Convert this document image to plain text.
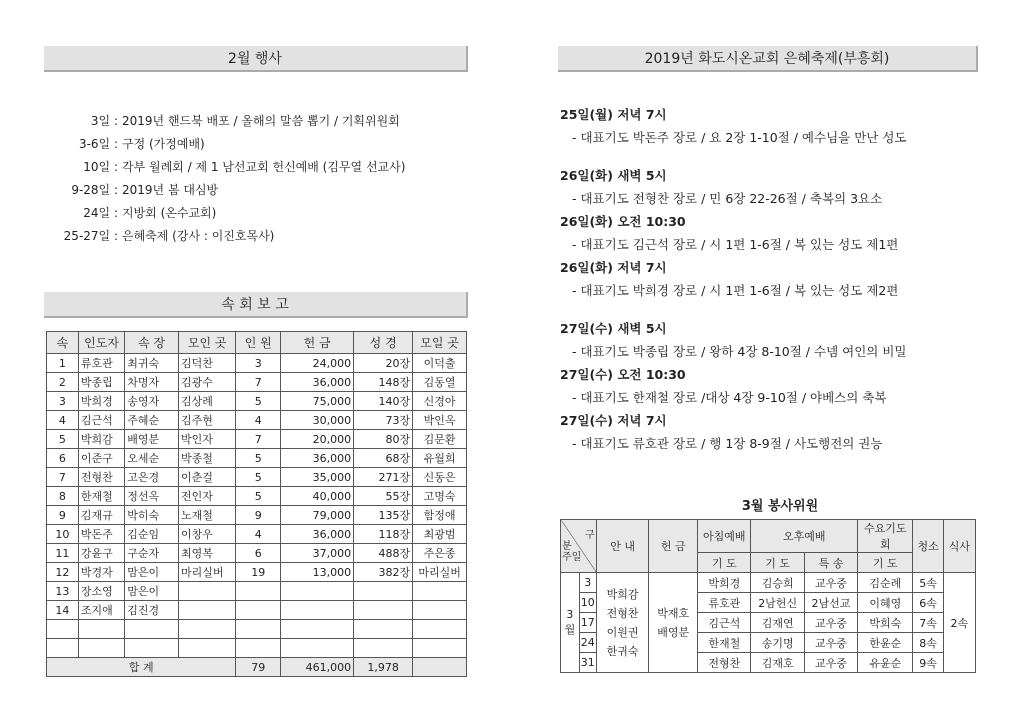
2월 행사
3일 : 2019년 핸드북 배포 / 올해의 말씀 뽑기 / 기획위원회
3-6일 : 구정 (가정예배)
10일 : 각부 월례회 / 제 1 남선교회 헌신예배 (김무열 선교사)
9-28일 : 2019년 봄 대심방
24일 : 지방회 (온수교회)
25-27일 : 은혜축제 (강사 : 이진호목사)
속 회 보 고
속	인도자	속 장	모인 곳	인 원	헌 금	성 경	모일 곳
1	류호관	최귀숙	김덕찬	3	24,000	20장	이덕출
2	박종립	차명자	김광수	7	36,000	148장	김동열
3	박희경	송영자	김상례	5	75,000	140장	신경아
4	김근석	주혜순	김주현	4	30,000	73장	박인옥
5	박희감	배영분	박인자	7	20,000	80장	김문환
6	이준구	오세순	박종철	5	36,000	68장	유월희
7	전형찬	고은경	이춘걸	5	35,000	271장	신동은
8	한재철	정선옥	전인자	5	40,000	55장	고명숙
9	김재규	박히숙	노재철	9	79,000	135장	함정애
10	박돈주	김순임	이창우	4	36,000	118장	최광범
11	강윤구	구순자	최영복	6	37,000	488장	주은종
12	박경자	맘은이	마리실버	19	13,000	382장	마리실버
13	장소영	맘은이					
14	조지애	김진경					

합 계				79	461,000	1,978	
2019년 화도시온교회 은혜축제(부흥회)
25일(월) 저녁 7시
- 대표기도 박돈주 장로 / 요 2장 1-10절 / 예수님을 만난 성도
26일(화) 새벽 5시
- 대표기도 전형찬 장로 / 민 6장 22-26절 / 축복의 3요소
26일(화) 오전 10:30
- 대표기도 김근석 장로 / 시 1편 1-6절 / 복 있는 성도 제1편
26일(화) 저녁 7시
- 대표기도 박희경 장로 / 시 1편 1-6절 / 복 있는 성도 제2편
27일(수) 새벽 5시
- 대표기도 박종립 장로 / 왕하 4장 8-10절 / 수넴 여인의 비밀
27일(수) 오전 10:30
- 대표기도 한재철 장로 /대상 4장 9-10절 / 야베스의 축복
27일(수) 저녁 7시
- 대표기도 류호관 장로 / 행 1장 8-9절 / 사도행전의 권능
3월 봉사위원
구
분
주일		안 내	헌 금	아침예배	오후예배		수요기도회	청소	식사
				기 도	기 도	특 송	기 도		
3 월	3	박희감 전형찬 이원권 한귀숙	박재호 배영분	박희경	김승희	교우중	김순례	5속	2속
	10			류호관	2남헌신	2남선교	이혜영	6속	
	17			김근석	김재연	교우중	박희숙	7속	
	24			한재철	송기명	교우중	한윤순	8속	
	31			전형찬	김재호	교우중	유윤순	9속	
